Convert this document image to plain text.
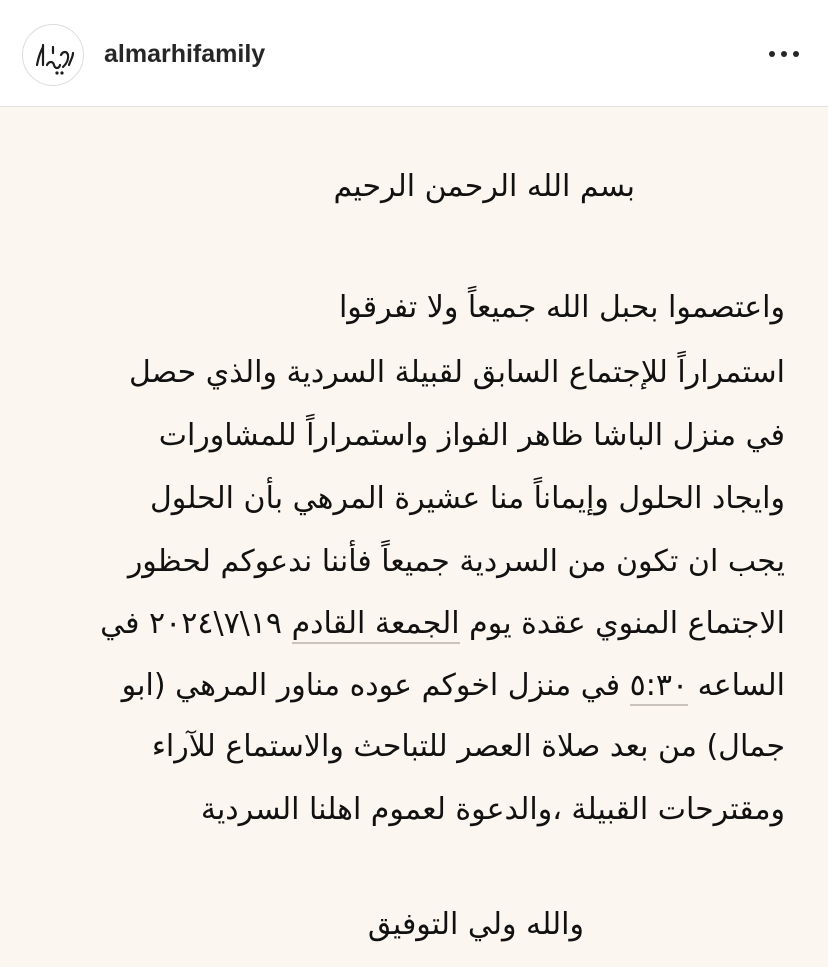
almarhifamily
بسم الله الرحمن الرحيم
واعتصموا بحبل الله جميعاً ولا تفرقوا
استمراراً للإجتماع السابق لقبيلة السردية والذي حصل
في منزل الباشا ظاهر الفواز واستمراراً للمشاورات
وايجاد الحلول وإيماناً منا عشيرة المرهي بأن الحلول
يجب ان تكون من السردية جميعاً فأننا ندعوكم لحظور
الاجتماع المنوي عقدة يوم الجمعة القادم ١٩\٧\٢٠٢٤ في
الساعه ٥:٣٠ في منزل اخوكم عوده مناور المرهي (ابو
جمال) من بعد صلاة العصر للتباحث والاستماع للآراء
ومقترحات القبيلة ،والدعوة لعموم اهلنا السردية
والله ولي التوفيق
